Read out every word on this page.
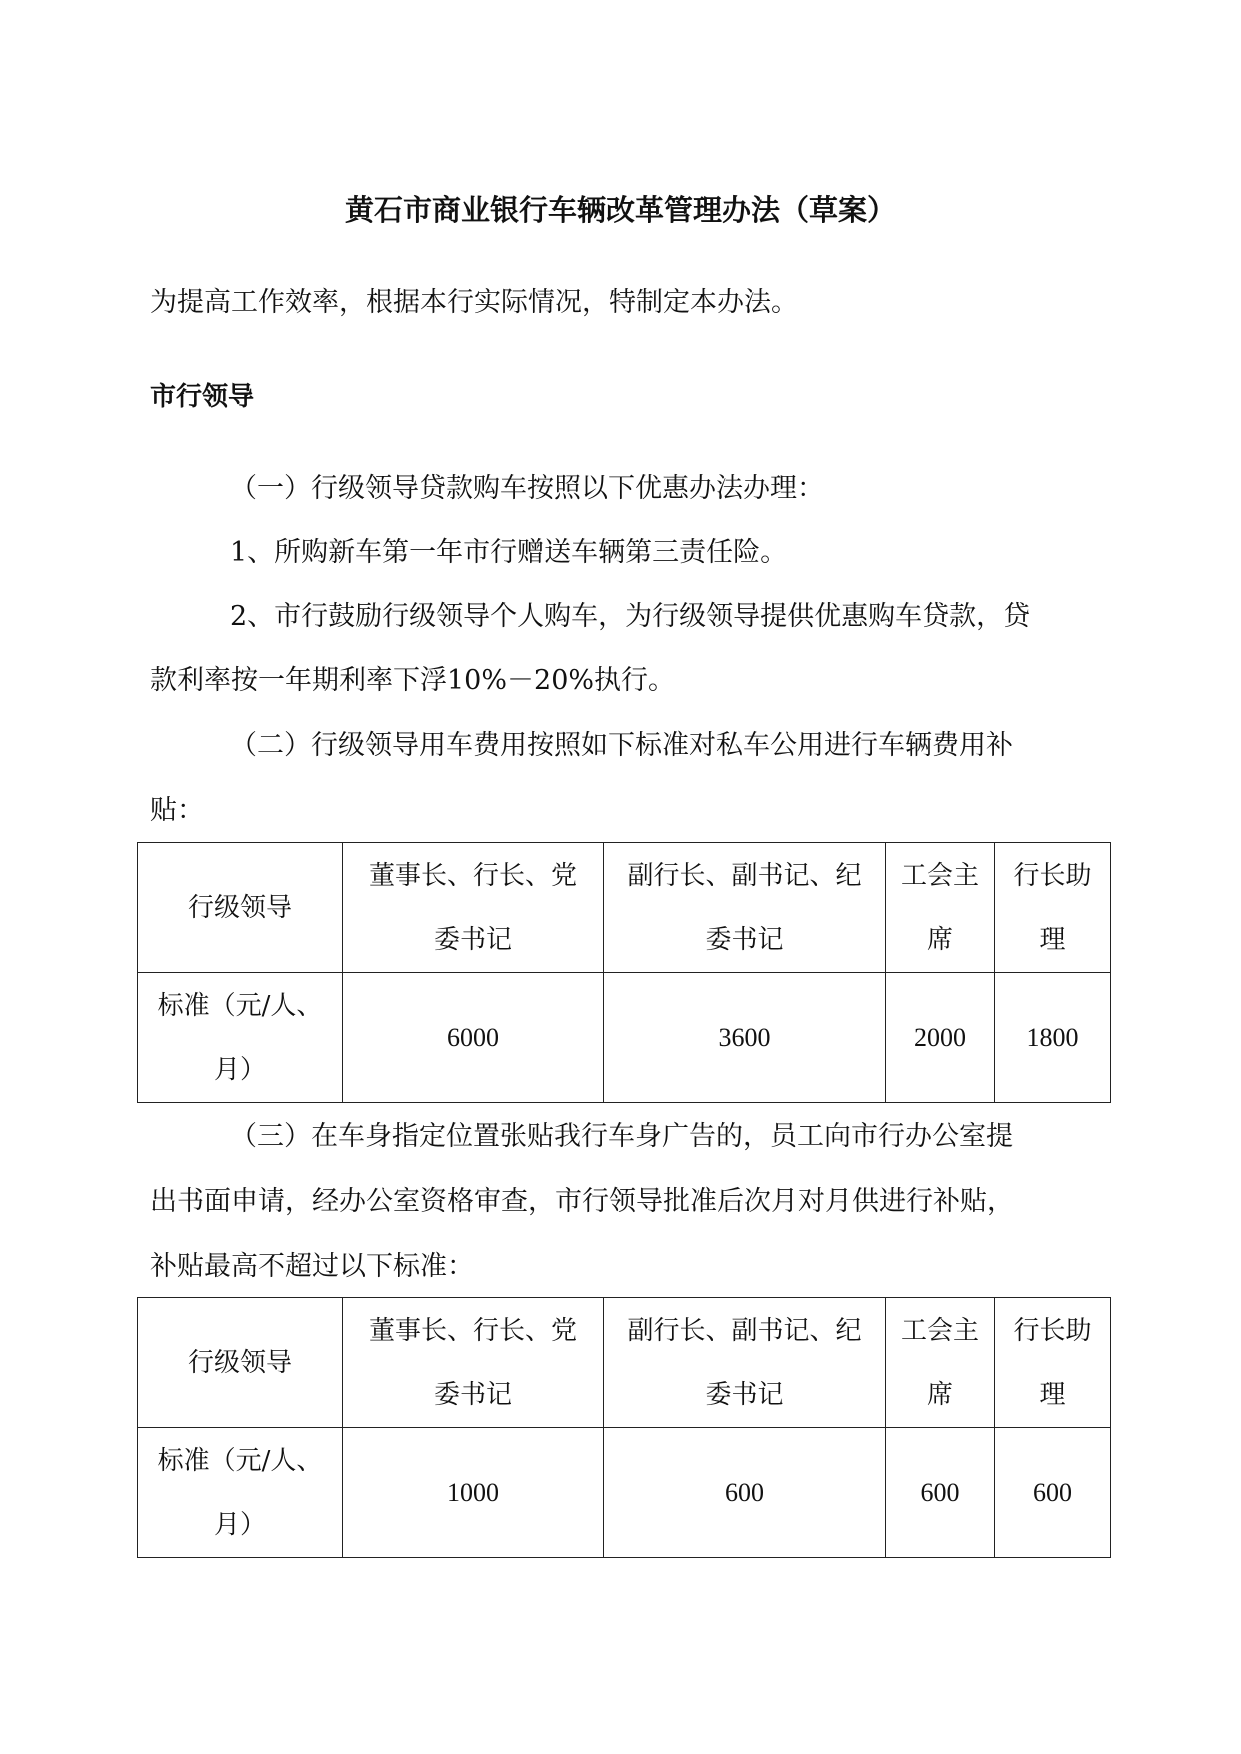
黄石市商业银行车辆改革管理办法（草案）
为提高工作效率，根据本行实际情况，特制定本办法。
市行领导
（一）行级领导贷款购车按照以下优惠办法办理：
1、所购新车第一年市行赠送车辆第三责任险。
2、市行鼓励行级领导个人购车，为行级领导提供优惠购车贷款，贷
款利率按一年期利率下浮10%－20%执行。
（二）行级领导用车费用按照如下标准对私车公用进行车辆费用补
贴：
行级领导	董事长、行长、党委书记	副行长、副书记、纪委书记	工会主席	行长助理
标准（元/人、月）	6000	3600	2000	1800
（三）在车身指定位置张贴我行车身广告的，员工向市行办公室提
出书面申请，经办公室资格审查，市行领导批准后次月对月供进行补贴，
补贴最高不超过以下标准：
行级领导	董事长、行长、党委书记	副行长、副书记、纪委书记	工会主席	行长助理
标准（元/人、月）	1000	600	600	600
